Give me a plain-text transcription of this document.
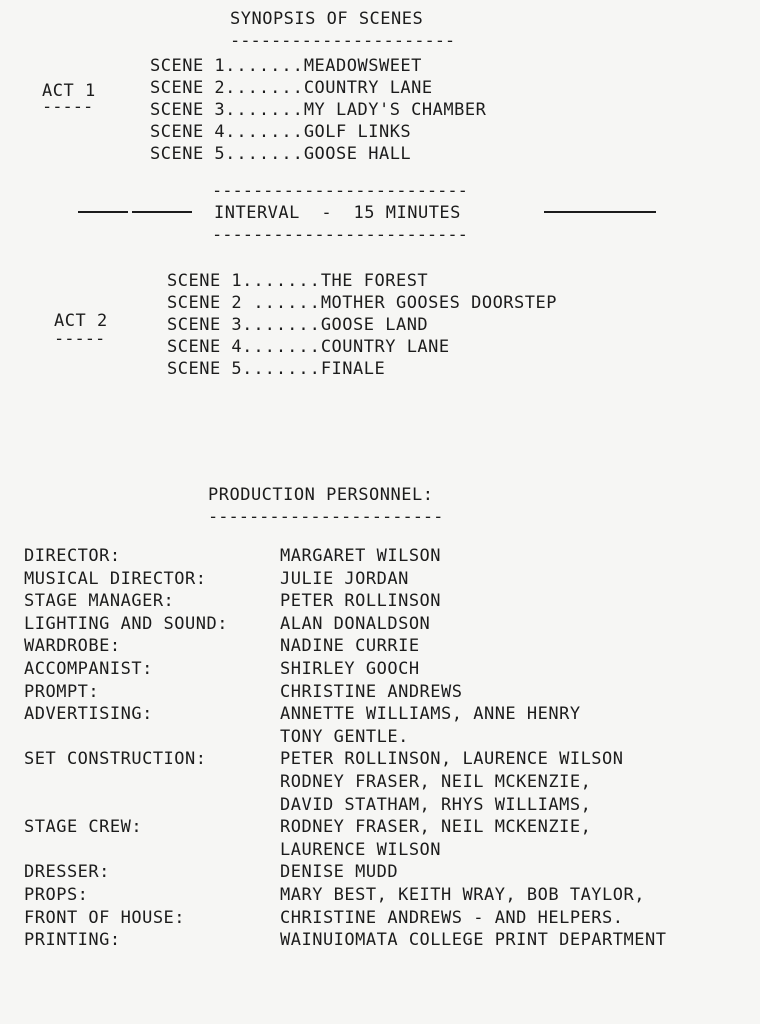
SYNOPSIS OF SCENES
----------------------
ACT 1
-----
SCENE 1.......MEADOWSWEET
SCENE 2.......COUNTRY LANE
SCENE 3.......MY LADY'S CHAMBER
SCENE 4.......GOLF LINKS
SCENE 5.......GOOSE HALL
-------------------------
INTERVAL  -  15 MINUTES
-------------------------
ACT 2
-----
SCENE 1.......THE FOREST
SCENE 2 ......MOTHER GOOSES DOORSTEP
SCENE 3.......GOOSE LAND
SCENE 4.......COUNTRY LANE
SCENE 5.......FINALE
PRODUCTION PERSONNEL:
-----------------------
DIRECTOR:	MARGARET WILSON
MUSICAL DIRECTOR:	JULIE JORDAN
STAGE MANAGER:	PETER ROLLINSON
LIGHTING AND SOUND:	ALAN DONALDSON
WARDROBE:	NADINE CURRIE
ACCOMPANIST:	SHIRLEY GOOCH
PROMPT:	CHRISTINE ANDREWS
ADVERTISING:	ANNETTE WILLIAMS, ANNE HENRY
TONY GENTLE.
SET CONSTRUCTION:	PETER ROLLINSON, LAURENCE WILSON
RODNEY FRASER, NEIL MCKENZIE,
DAVID STATHAM, RHYS WILLIAMS,
STAGE CREW:	RODNEY FRASER, NEIL MCKENZIE,
LAURENCE WILSON
DRESSER:	DENISE MUDD
PROPS:	MARY BEST, KEITH WRAY, BOB TAYLOR,
FRONT OF HOUSE:	CHRISTINE ANDREWS - AND HELPERS.
PRINTING:	WAINUIOMATA COLLEGE PRINT DEPARTMENT
